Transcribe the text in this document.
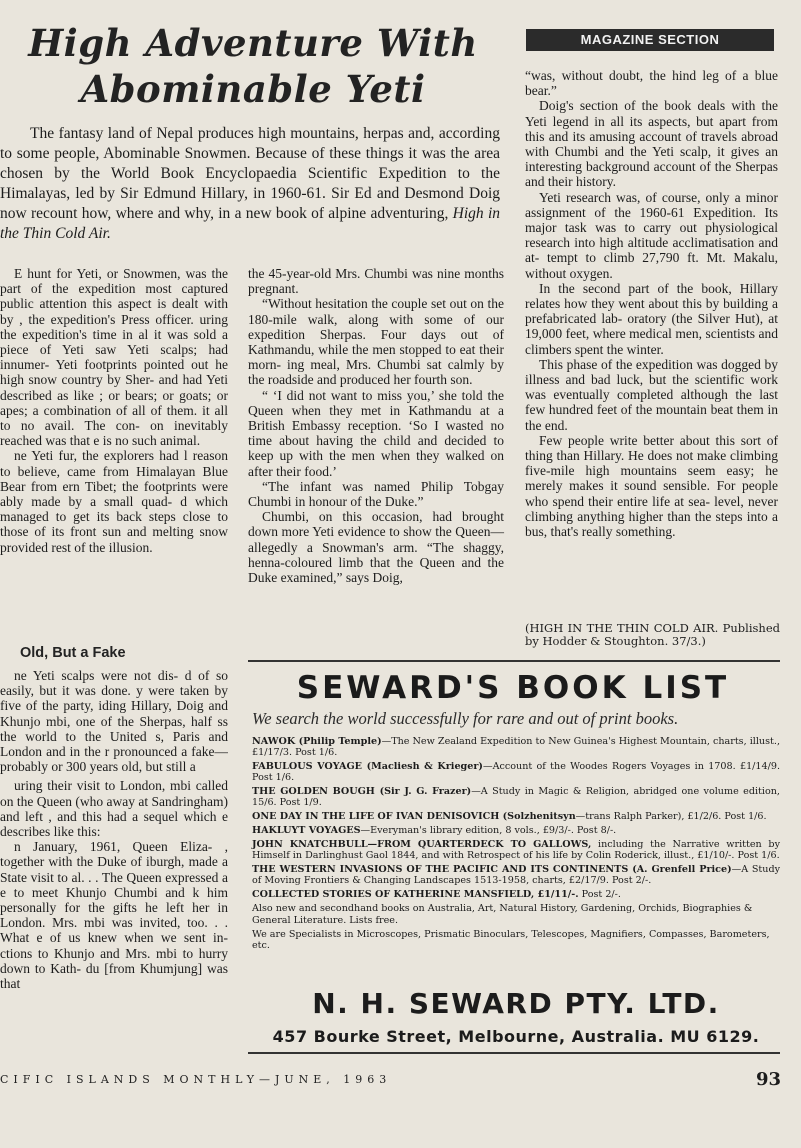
High Adventure With
Abominable Yeti
MAGAZINE SECTION
The fantasy land of Nepal produces high mountains, herpas and, according to some people, Abominable Snowmen. Because of these things it was the area chosen by the World Book Encyclopaedia Scientific Expedition to the Himalayas, led by Sir Edmund Hillary, in 1960-61. Sir Ed and Desmond Doig now recount how, where and why, in a new book of alpine adventuring, High in the Thin Cold Air.

E hunt for Yeti, or Snowmen, was the part of the expedition most captured public attention this aspect is dealt with by , the expedition's Press officer. uring the expedition's time in al it was sold a piece of Yeti saw Yeti scalps; had innumer- Yeti footprints pointed out he high snow country by Sher- and had Yeti described as like ; or bears; or goats; or apes; a combination of all of them. it all to no avail. The con- on inevitably reached was that e is no such animal.

ne Yeti fur, the explorers had l reason to believe, came from Himalayan Blue Bear from ern Tibet; the footprints were ably made by a small quad- d which managed to get its back steps close to those of its front sun and melting snow provided rest of the illusion.

Old, But a Fake

ne Yeti scalps were not dis- d of so easily, but it was done. y were taken by five of the party, iding Hillary, Doig and Khunjo mbi, one of the Sherpas, half ss the world to the United s, Paris and London and in the r pronounced a fake—probably or 300 years old, but still a

uring their visit to London, mbi called on the Queen (who away at Sandringham) and left , and this had a sequel which e describes like this:

n January, 1961, Queen Eliza- , together with the Duke of iburgh, made a State visit to al. . . The Queen expressed a e to meet Khunjo Chumbi and k him personally for the gifts he left her in London. Mrs. mbi was invited, too. . . What e of us knew when we sent in- ctions to Khunjo and Mrs. mbi to hurry down to Kath- du [from Khumjung] was that

the 45-year-old Mrs. Chumbi was nine months pregnant.

“Without hesitation the couple set out on the 180-mile walk, along with some of our expedition Sherpas. Four days out of Kathmandu, while the men stopped to eat their morn- ing meal, Mrs. Chumbi sat calmly by the roadside and produced her fourth son.

“ ‘I did not want to miss you,’ she told the Queen when they met in Kathmandu at a British Embassy reception. ‘So I wasted no time about having the child and decided to keep up with the men when they walked on after their food.’

“The infant was named Philip Tobgay Chumbi in honour of the Duke.”

Chumbi, on this occasion, had brought down more Yeti evidence to show the Queen—allegedly a Snowman's arm. “The shaggy, henna-coloured limb that the Queen and the Duke examined,” says Doig,

“was, without doubt, the hind leg of a blue bear.”

Doig's section of the book deals with the Yeti legend in all its aspects, but apart from this and its amusing account of travels abroad with Chumbi and the Yeti scalp, it gives an interesting background account of the Sherpas and their history.

Yeti research was, of course, only a minor assignment of the 1960-61 Expedition. Its major task was to carry out physiological research into high altitude acclimatisation and at- tempt to climb 27,790 ft. Mt. Makalu, without oxygen.

In the second part of the book, Hillary relates how they went about this by building a prefabricated lab- oratory (the Silver Hut), at 19,000 feet, where medical men, scientists and climbers spent the winter.

This phase of the expedition was dogged by illness and bad luck, but the scientific work was eventually completed although the last few hundred feet of the mountain beat them in the end.

Few people write better about this sort of thing than Hillary. He does not make climbing five-mile high mountains seem easy; he merely makes it sound sensible. For people who spend their entire life at sea- level, never climbing anything higher than the steps into a bus, that's really something.

(HIGH IN THE THIN COLD AIR. Published by Hodder & Stoughton. 37/3.)
SEWARD'S BOOK LIST
We search the world successfully for rare and out of print books.
NAWOK (Philip Temple)—The New Zealand Expedition to New Guinea's Highest Mountain, charts, illust., £1/17/3. Post 1/6.
FABULOUS VOYAGE (Macliesh & Krieger)—Account of the Woodes Rogers Voyages in 1708. £1/14/9. Post 1/6.
THE GOLDEN BOUGH (Sir J. G. Frazer)—A Study in Magic & Religion, abridged one volume edition, 15/6. Post 1/9.
ONE DAY IN THE LIFE OF IVAN DENISOVICH (Solzhenitsyn—trans Ralph Parker), £1/2/6. Post 1/6.
HAKLUYT VOYAGES—Everyman's library edition, 8 vols., £9/3/-. Post 8/-.
JOHN KNATCHBULL—FROM QUARTERDECK TO GALLOWS, including the Narrative written by Himself in Darlinghust Gaol 1844, and with Retrospect of his life by Colin Roderick, illust., £1/10/-. Post 1/6.
THE WESTERN INVASIONS OF THE PACIFIC AND ITS CONTINENTS (A. Grenfell Price)—A Study of Moving Frontiers & Changing Landscapes 1513-1958, charts, £2/17/9. Post 2/-.
COLLECTED STORIES OF KATHERINE MANSFIELD, £1/11/-. Post 2/-.
Also new and secondhand books on Australia, Art, Natural History, Gardening, Orchids, Biographies & General Literature. Lists free.
We are Specialists in Microscopes, Prismatic Binoculars, Telescopes, Magnifiers, Compasses, Barometers, etc.
N. H. SEWARD PTY. LTD.
457 Bourke Street, Melbourne, Australia. MU 6129.
CIFIC ISLANDS MONTHLY—JUNE, 1963	93
